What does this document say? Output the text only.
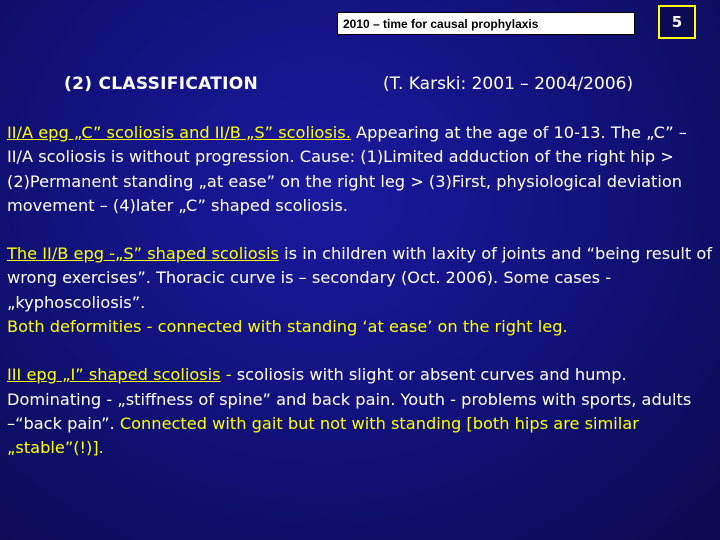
2010 – time for causal prophylaxis	5
(2) CLASSIFICATION	(T. Karski: 2001 – 2004/2006)

II/A epg „C” scoliosis and II/B „S” scoliosis. Appearing at the age of 10-13. The „C” – II/A scoliosis is without progression. Cause: (1)Limited adduction of the right hip > (2)Permanent standing „at ease” on the right leg > (3)First, physiological deviation movement – (4)later „C” shaped scoliosis.

The II/B epg -„S” shaped scoliosis is in children with laxity of joints and “being result of wrong exercises”. Thoracic curve is – secondary (Oct. 2006). Some cases - „kyphoscoliosis”.
Both deformities - connected with standing ‘at ease’ on the right leg.

III epg „I” shaped scoliosis - scoliosis with slight or absent curves and hump. Dominating - „stiffness of spine” and back pain. Youth - problems with sports, adults –“back pain”. Connected with gait but not with standing [both hips are similar „stable”(!)].
